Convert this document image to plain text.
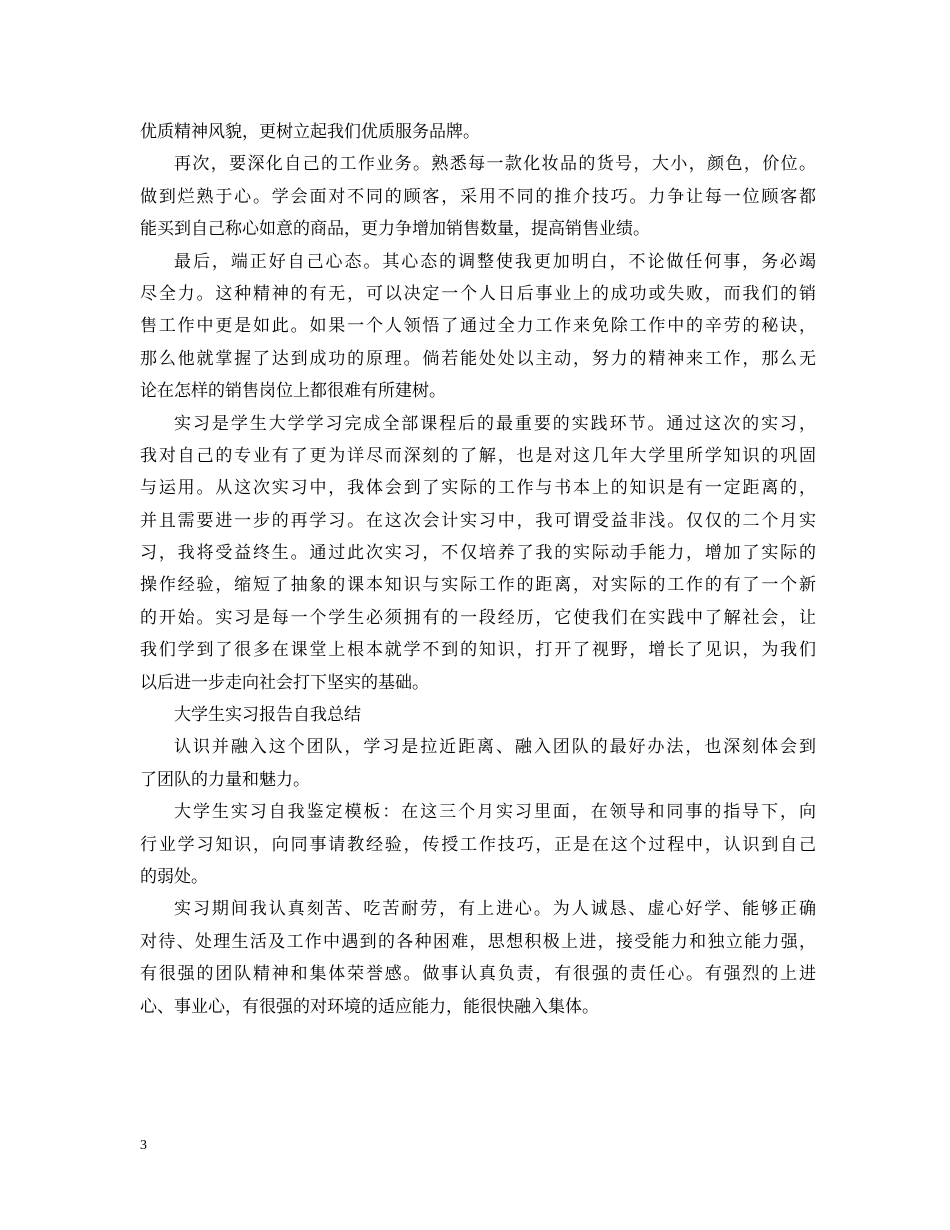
优质精神风貌，更树立起我们优质服务品牌。
再次，要深化自己的工作业务。熟悉每一款化妆品的货号，大小，颜色，价位。
做到烂熟于心。学会面对不同的顾客，采用不同的推介技巧。力争让每一位顾客都
能买到自己称心如意的商品，更力争增加销售数量，提高销售业绩。
最后，端正好自己心态。其心态的调整使我更加明白，不论做任何事，务必竭
尽全力。这种精神的有无，可以决定一个人日后事业上的成功或失败，而我们的销
售工作中更是如此。如果一个人领悟了通过全力工作来免除工作中的辛劳的秘诀，
那么他就掌握了达到成功的原理。倘若能处处以主动，努力的精神来工作，那么无
论在怎样的销售岗位上都很难有所建树。
实习是学生大学学习完成全部课程后的最重要的实践环节。通过这次的实习，
我对自己的专业有了更为详尽而深刻的了解，也是对这几年大学里所学知识的巩固
与运用。从这次实习中，我体会到了实际的工作与书本上的知识是有一定距离的，
并且需要进一步的再学习。在这次会计实习中，我可谓受益非浅。仅仅的二个月实
习，我将受益终生。通过此次实习，不仅培养了我的实际动手能力，增加了实际的
操作经验，缩短了抽象的课本知识与实际工作的距离，对实际的工作的有了一个新
的开始。实习是每一个学生必须拥有的一段经历，它使我们在实践中了解社会，让
我们学到了很多在课堂上根本就学不到的知识，打开了视野，增长了见识，为我们
以后进一步走向社会打下坚实的基础。
大学生实习报告自我总结
认识并融入这个团队，学习是拉近距离、融入团队的最好办法，也深刻体会到
了团队的力量和魅力。
大学生实习自我鉴定模板：在这三个月实习里面，在领导和同事的指导下，向
行业学习知识，向同事请教经验，传授工作技巧，正是在这个过程中，认识到自己
的弱处。
实习期间我认真刻苦、吃苦耐劳，有上进心。为人诚恳、虚心好学、能够正确
对待、处理生活及工作中遇到的各种困难，思想积极上进，接受能力和独立能力强，
有很强的团队精神和集体荣誉感。做事认真负责，有很强的责任心。有强烈的上进
心、事业心，有很强的对环境的适应能力，能很快融入集体。
3
